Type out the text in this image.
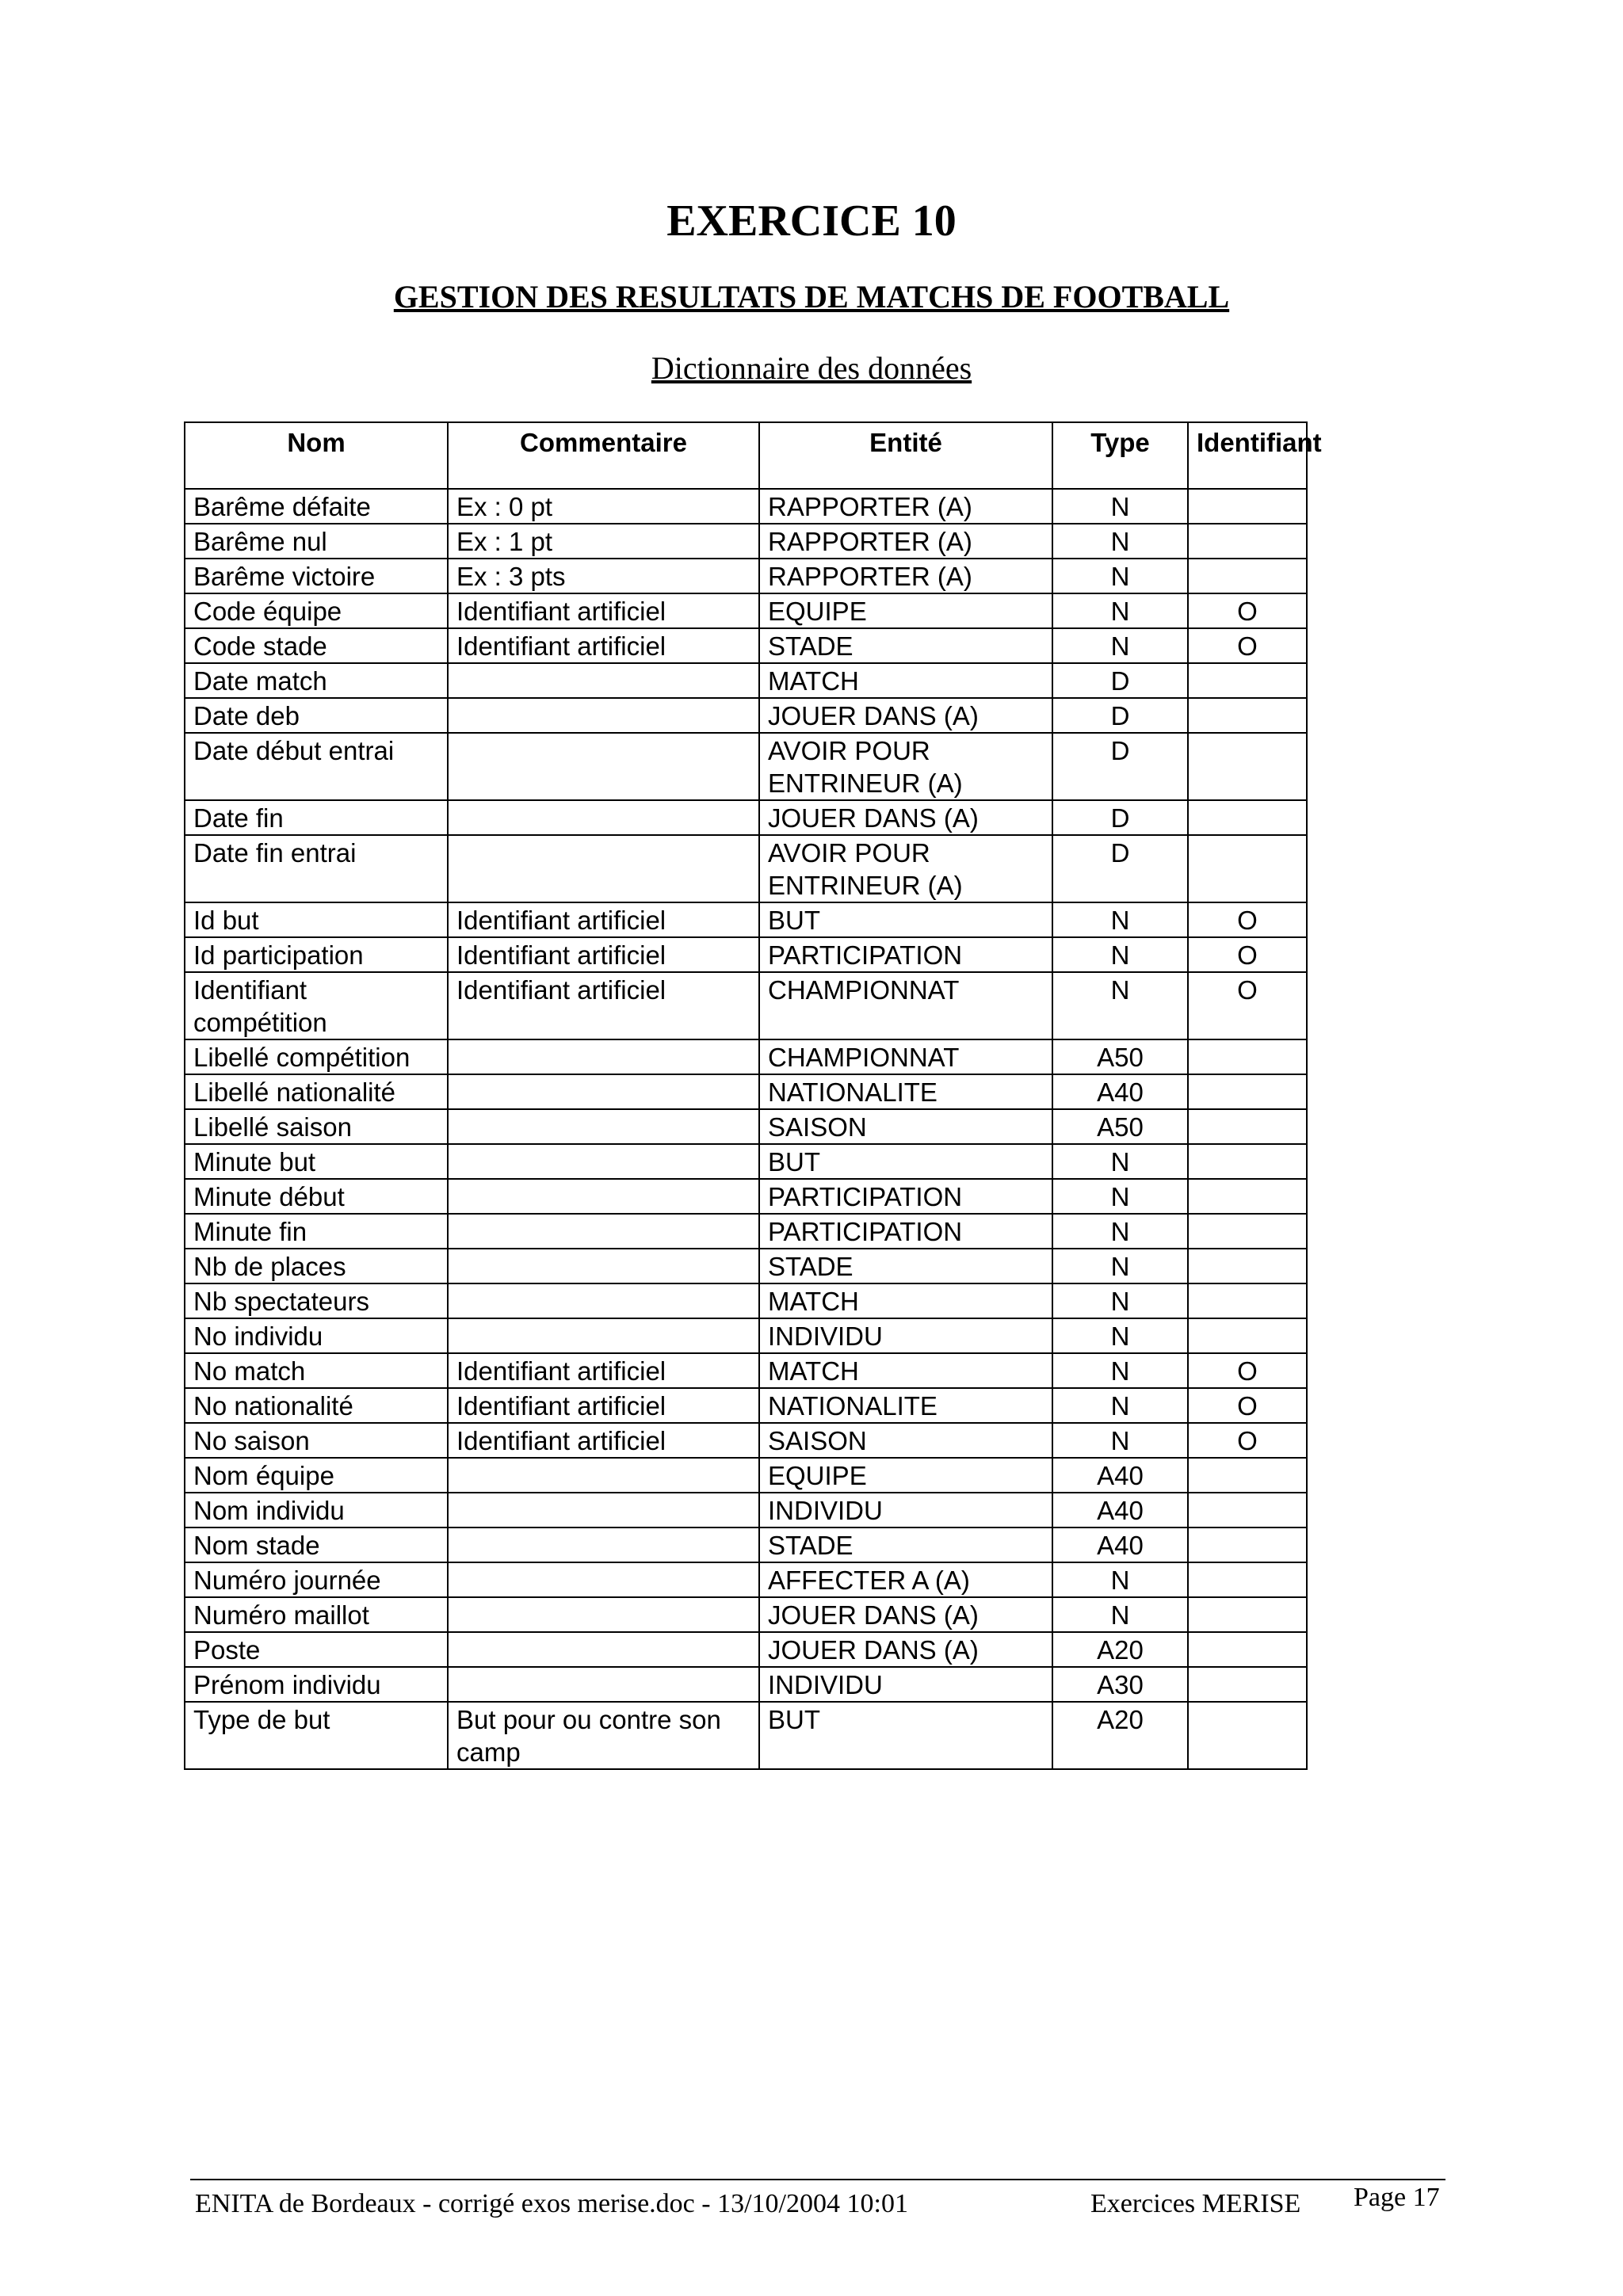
EXERCICE 10
GESTION DES RESULTATS DE MATCHS DE FOOTBALL
Dictionnaire des données
Nom	Commentaire	Entité	Type	Identifiant
Barême défaite	Ex : 0 pt	RAPPORTER (A)	N	
Barême nul	Ex : 1 pt	RAPPORTER (A)	N	
Barême victoire	Ex : 3 pts	RAPPORTER (A)	N	
Code équipe	Identifiant artificiel	EQUIPE	N	O
Code stade	Identifiant artificiel	STADE	N	O
Date match		MATCH	D	
Date deb		JOUER DANS (A)	D	
Date début entrai		AVOIR POUR ENTRINEUR (A)	D	
Date fin		JOUER DANS (A)	D	
Date fin entrai		AVOIR POUR ENTRINEUR (A)	D	
Id but	Identifiant artificiel	BUT	N	O
Id participation	Identifiant artificiel	PARTICIPATION	N	O
Identifiant compétition	Identifiant artificiel	CHAMPIONNAT	N	O
Libellé compétition		CHAMPIONNAT	A50	
Libellé nationalité		NATIONALITE	A40	
Libellé saison		SAISON	A50	
Minute but		BUT	N	
Minute début		PARTICIPATION	N	
Minute fin		PARTICIPATION	N	
Nb de places		STADE	N	
Nb spectateurs		MATCH	N	
No individu		INDIVIDU	N	
No match	Identifiant artificiel	MATCH	N	O
No nationalité	Identifiant artificiel	NATIONALITE	N	O
No saison	Identifiant artificiel	SAISON	N	O
Nom équipe		EQUIPE	A40	
Nom individu		INDIVIDU	A40	
Nom stade		STADE	A40	
Numéro journée		AFFECTER A (A)	N	
Numéro maillot		JOUER DANS (A)	N	
Poste		JOUER DANS (A)	A20	
Prénom individu		INDIVIDU	A30	
Type de but	But pour ou contre son camp	BUT	A20	
ENITA de Bordeaux - corrigé exos merise.doc - 13/10/2004 10:01	Exercices MERISE Page 17
